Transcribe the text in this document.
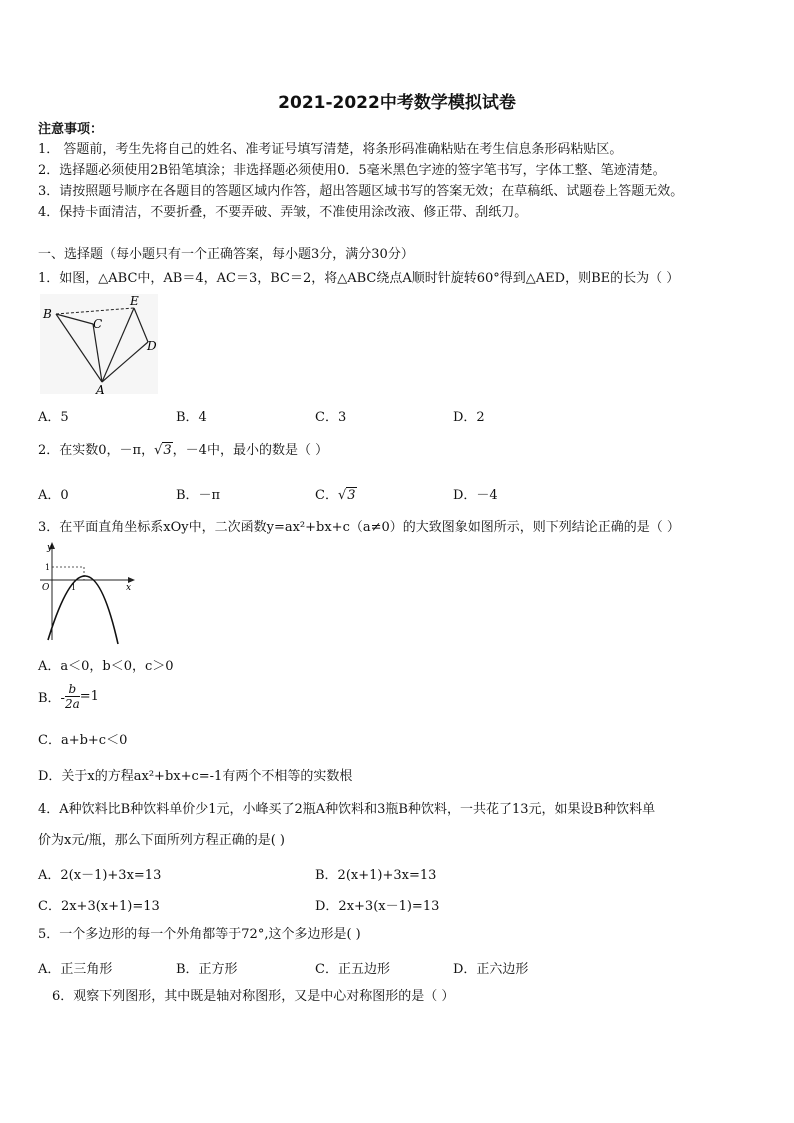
2021-2022中考数学模拟试卷
注意事项：
1． 答题前，考生先将自己的姓名、准考证号填写清楚，将条形码准确粘贴在考生信息条形码粘贴区。
2．选择题必须使用2B铅笔填涂；非选择题必须使用0．5毫米黑色字迹的签字笔书写，字体工整、笔迹清楚。
3．请按照题号顺序在各题目的答题区域内作答，超出答题区域书写的答案无效；在草稿纸、试题卷上答题无效。
4．保持卡面清洁，不要折叠，不要弄破、弄皱，不准使用涂改液、修正带、刮纸刀。
一、选择题（每小题只有一个正确答案，每小题3分，满分30分）
1．如图，△ABC中，AB＝4，AC＝3，BC＝2，将△ABC绕点A顺时针旋转60°得到△AED，则BE的长为（ ）
B
C
E
D
A
A．5	B．4	C．3	D．2
2．在实数0，－π，√3，－4中，最小的数是（ ）
A．0	B．－π	C．√3	D．－4
3．在平面直角坐标系xOy中，二次函数y=ax²+bx+c（a≠0）的大致图象如图所示，则下列结论正确的是（ ）
y
x
O
1
1
A．a＜0，b＜0，c＞0
B．- $\frac{b}{2a} =1$
C．a+b+c＜0
D．关于x的方程ax²+bx+c=-1有两个不相等的实数根
4．A种饮料比B种饮料单价少1元，小峰买了2瓶A种饮料和3瓶B种饮料，一共花了13元，如果设B种饮料单
价为x元/瓶，那么下面所列方程正确的是( )
A．2(x－1)+3x=13	B．2(x+1)+3x=13
C．2x+3(x+1)=13	D．2x+3(x－1)=13
5．一个多边形的每一个外角都等于72°,这个多边形是( )
A．正三角形	B．正方形	C．正五边形	D．正六边形
6．观察下列图形，其中既是轴对称图形，又是中心对称图形的是（ ）
